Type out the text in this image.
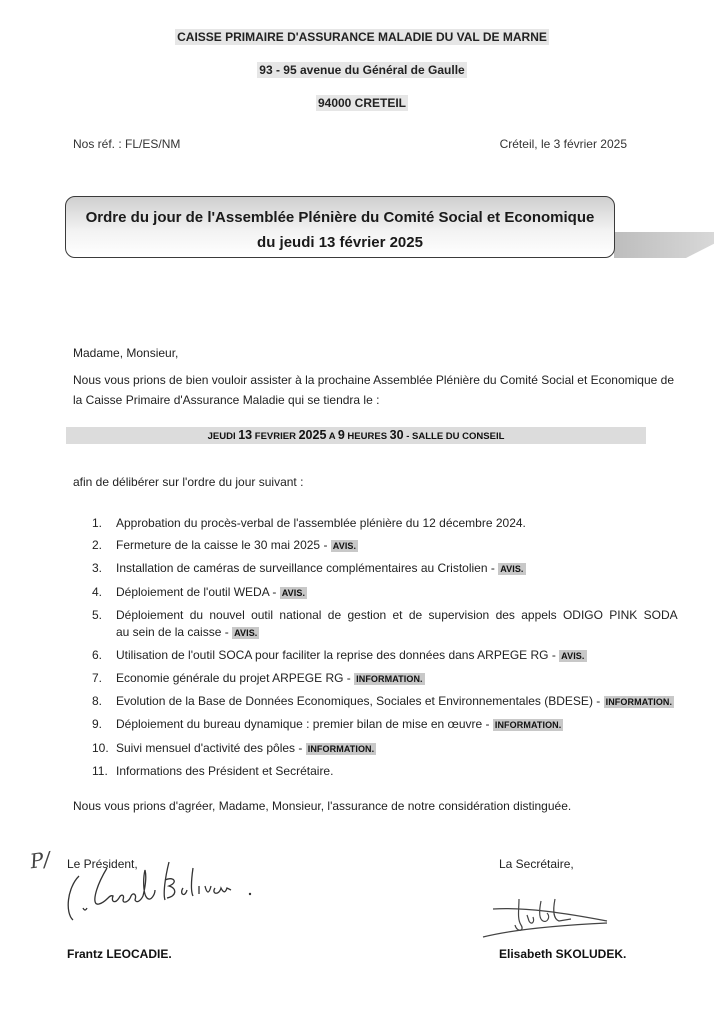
CAISSE PRIMAIRE D'ASSURANCE MALADIE DU VAL DE MARNE
93 - 95 avenue du Général de Gaulle
94000 CRETEIL
Nos réf. : FL/ES/NM	Créteil, le 3 février 2025
Ordre du jour de l'Assemblée Plénière du Comité Social et Economique
du jeudi 13 février 2025
Madame, Monsieur,
Nous vous prions de bien vouloir assister à la prochaine Assemblée Plénière du Comité Social et Economique de
la Caisse Primaire d'Assurance Maladie qui se tiendra le :
JEUDI 13 FEVRIER 2025 A 9 HEURES 30 - SALLE DU CONSEIL
afin de délibérer sur l'ordre du jour suivant :
1.	Approbation du procès-verbal de l'assemblée plénière du 12 décembre 2024.
2.	Fermeture de la caisse le 30 mai 2025 - AVIS.
3.	Installation de caméras de surveillance complémentaires au Cristolien - AVIS.
4.	Déploiement de l'outil WEDA - AVIS.
5.	Déploiement du nouvel outil national de gestion et de supervision des appels ODIGO PINK SODA
au sein de la caisse - AVIS.
6.	Utilisation de l'outil SOCA pour faciliter la reprise des données dans ARPEGE RG - AVIS.
7.	Economie générale du projet ARPEGE RG - INFORMATION.
8.	Evolution de la Base de Données Economiques, Sociales et Environnementales (BDESE) - INFORMATION.
9.	Déploiement du bureau dynamique : premier bilan de mise en œuvre - INFORMATION.
10. Suivi mensuel d'activité des pôles - INFORMATION.
11. Informations des Président et Secrétaire.
Nous vous prions d'agréer, Madame, Monsieur, l'assurance de notre considération distinguée.
P/ Le Président,
Frantz LEOCADIE.
La Secrétaire,
Elisabeth SKOLUDEK.
